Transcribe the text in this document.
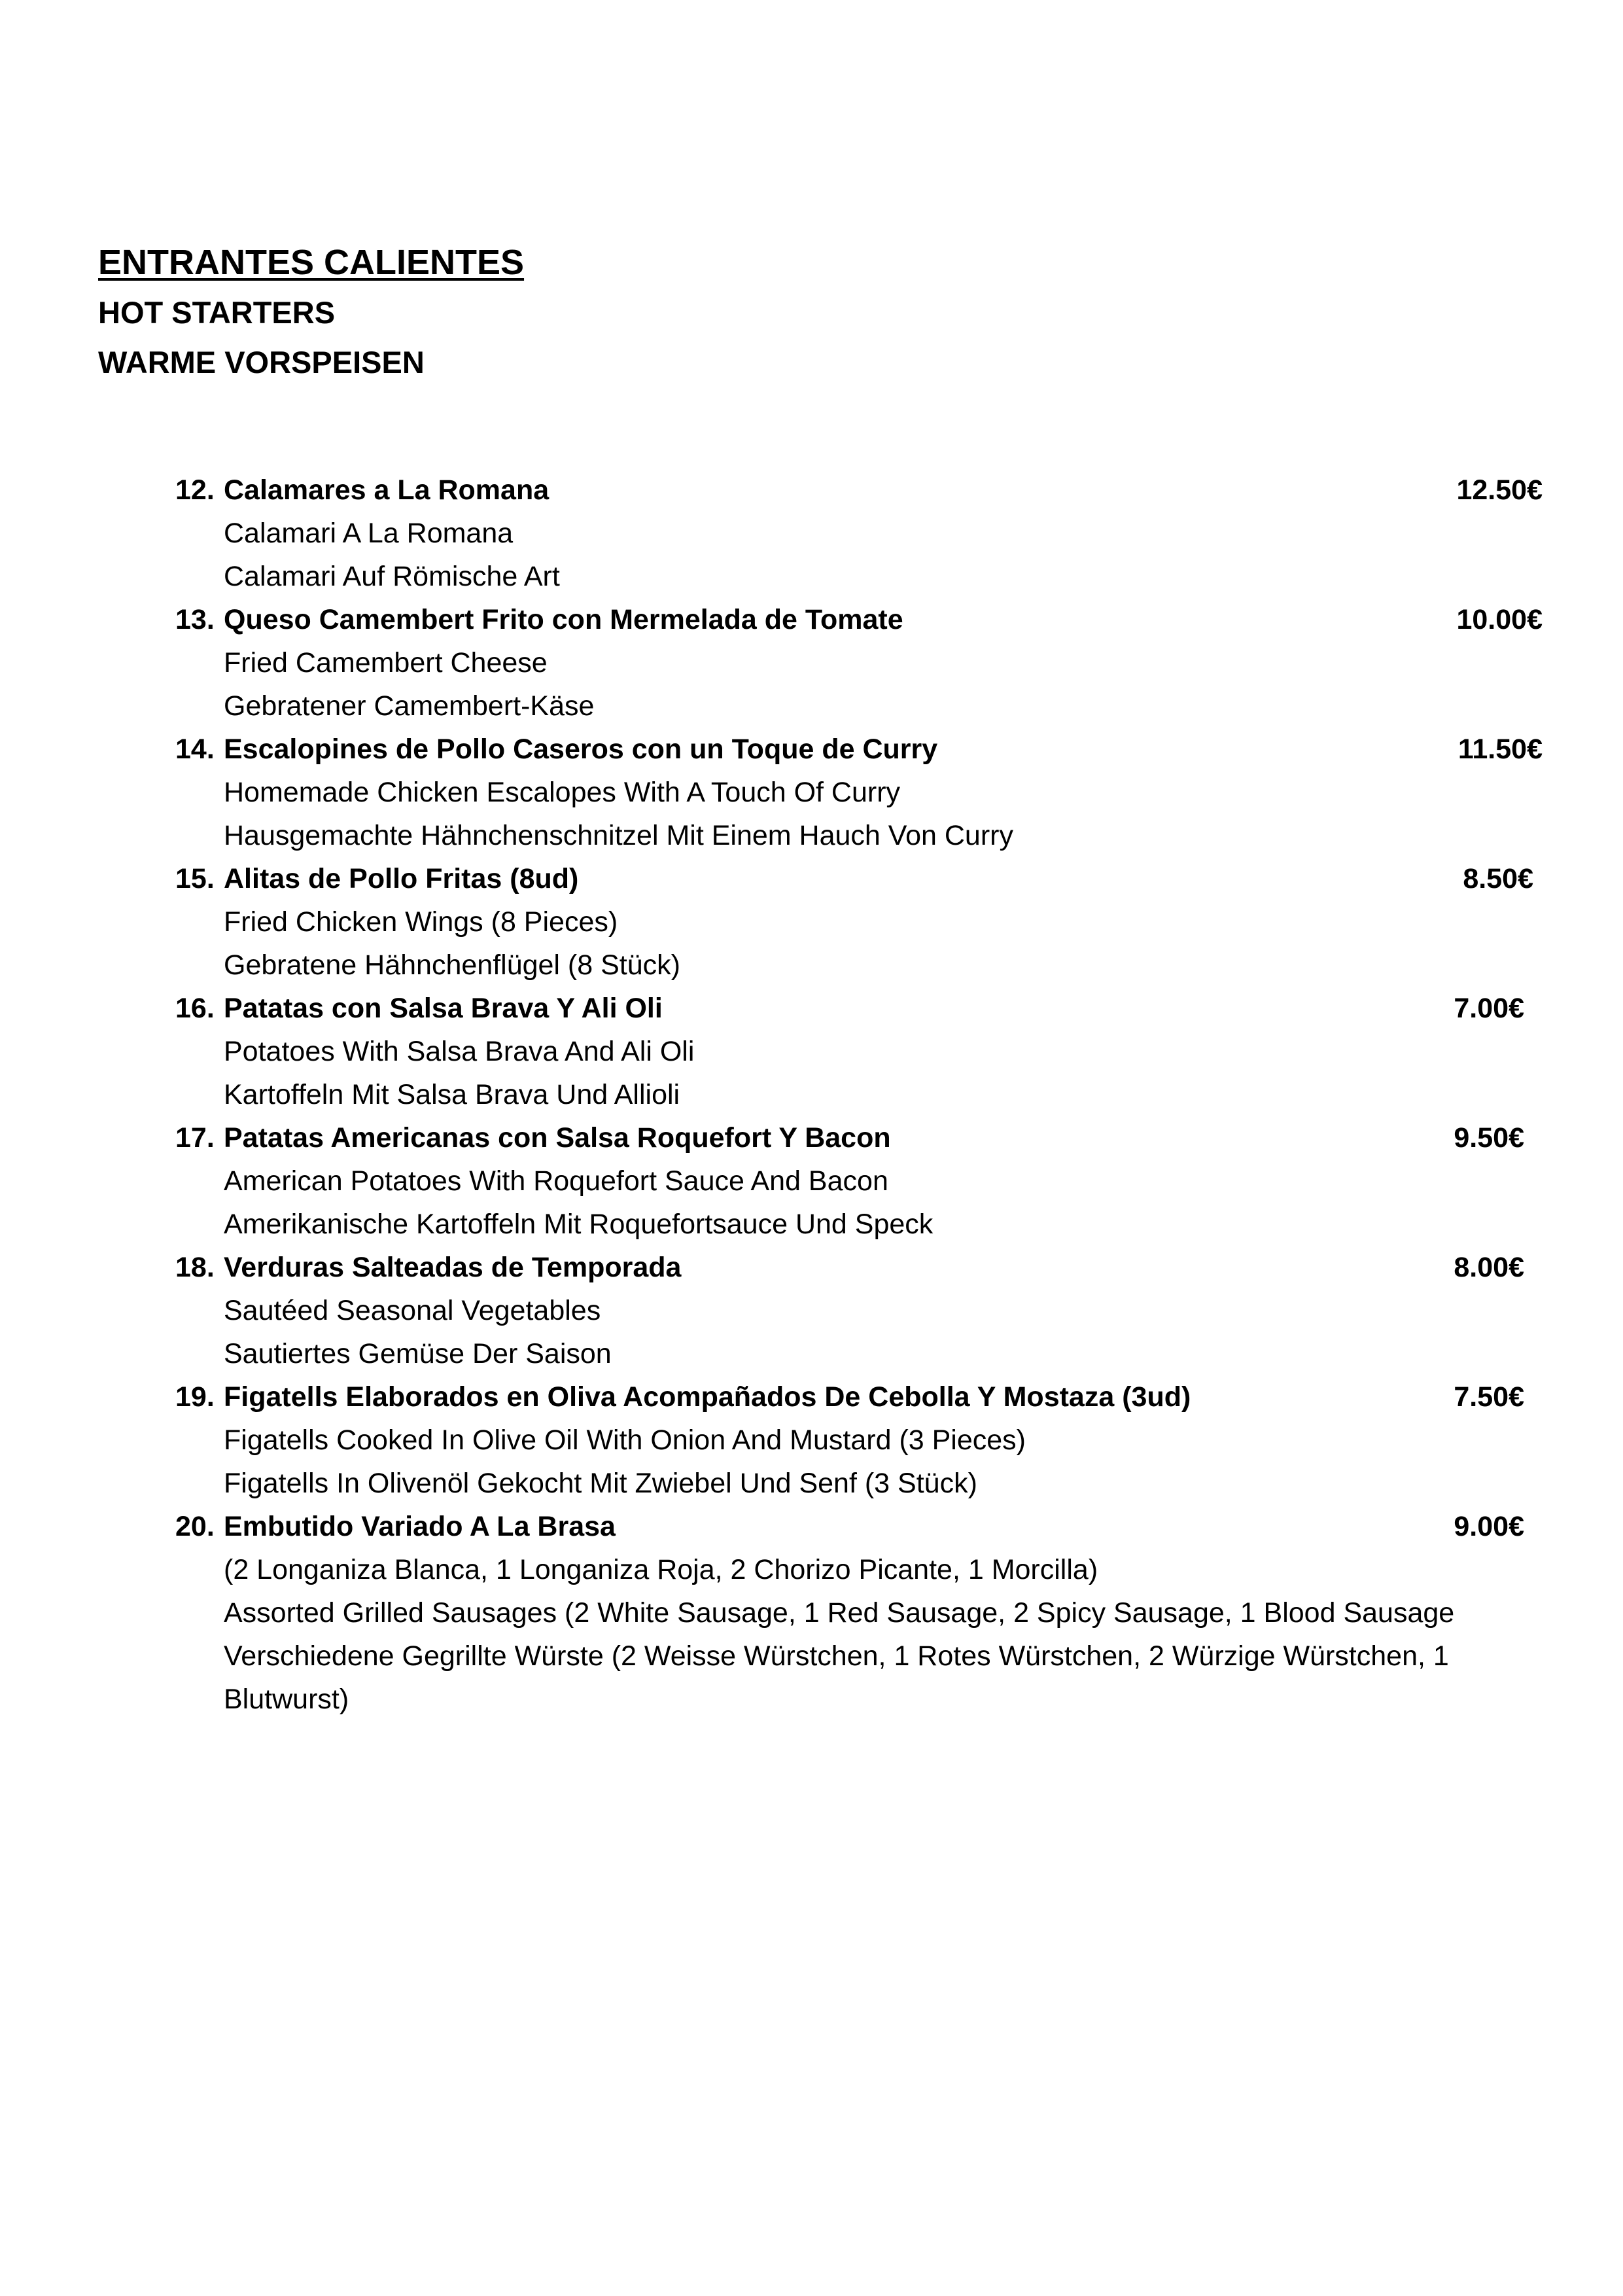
ENTRANTES CALIENTES
HOT STARTERS
WARME VORSPEISEN
12. Calamares a La Romana	12.50€
Calamari A La Romana
Calamari Auf Römische Art
13. Queso Camembert Frito con Mermelada de Tomate	10.00€
Fried Camembert Cheese
Gebratener Camembert-Käse
14. Escalopines de Pollo Caseros con un Toque de Curry	11.50€
Homemade Chicken Escalopes With A Touch Of Curry
Hausgemachte Hähnchenschnitzel Mit Einem Hauch Von Curry
15. Alitas de Pollo Fritas (8ud)	8.50€
Fried Chicken Wings (8 Pieces)
Gebratene Hähnchenflügel (8 Stück)
16. Patatas con Salsa Brava Y Ali Oli	7.00€
Potatoes With Salsa Brava And Ali Oli
Kartoffeln Mit Salsa Brava Und Allioli
17. Patatas Americanas con Salsa Roquefort Y Bacon	9.50€
American Potatoes With Roquefort Sauce And Bacon
Amerikanische Kartoffeln Mit Roquefortsauce Und Speck
18. Verduras Salteadas de Temporada	8.00€
Sautéed Seasonal Vegetables
Sautiertes Gemüse Der Saison
19. Figatells Elaborados en Oliva Acompañados De Cebolla Y Mostaza (3ud)	7.50€
Figatells Cooked In Olive Oil With Onion And Mustard (3 Pieces)
Figatells In Olivenöl Gekocht Mit Zwiebel Und Senf (3 Stück)
20. Embutido Variado A La Brasa	9.00€
(2 Longaniza Blanca, 1 Longaniza Roja, 2 Chorizo Picante, 1 Morcilla)
Assorted Grilled Sausages (2 White Sausage, 1 Red Sausage, 2 Spicy Sausage, 1 Blood Sausage
Verschiedene Gegrillte Würste (2 Weisse Würstchen, 1 Rotes Würstchen, 2 Würzige Würstchen, 1
Blutwurst)
